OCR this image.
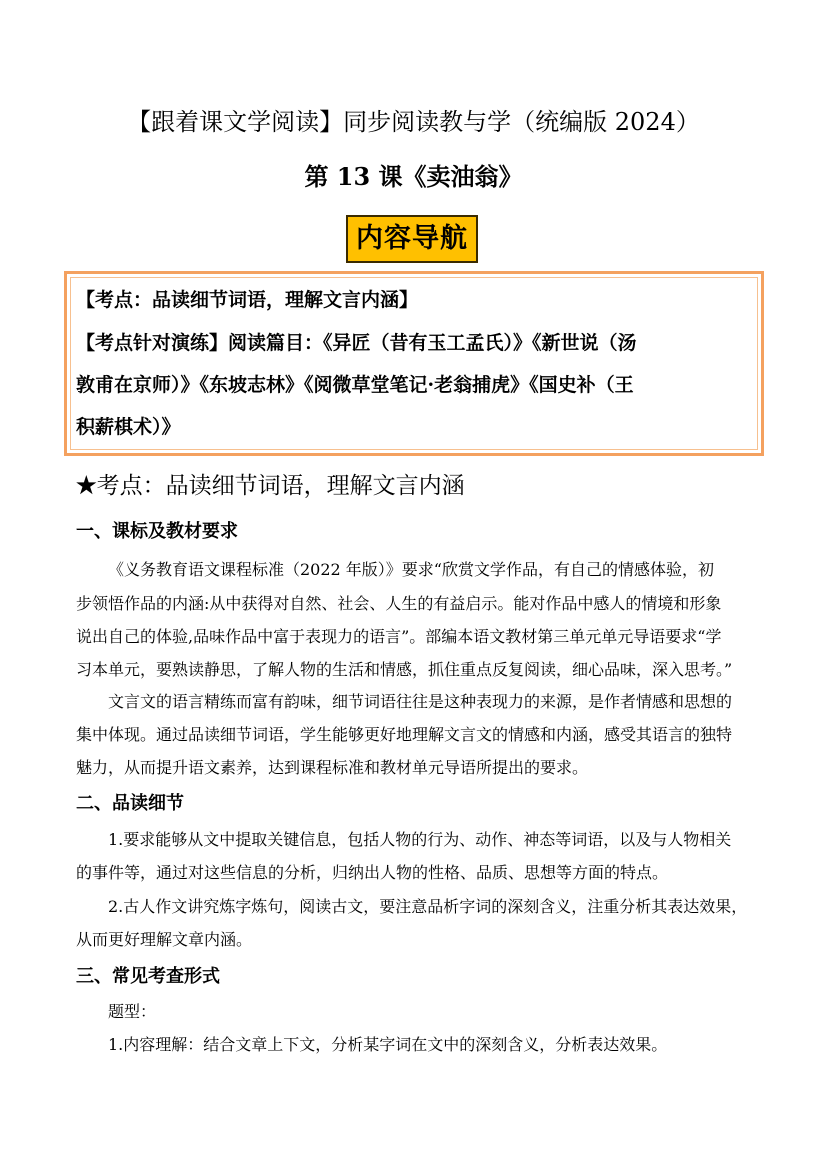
【跟着课文学阅读】同步阅读教与学（统编版 2024）
第 13 课《卖油翁》
内容导航
【考点：品读细节词语，理解文言内涵】
【考点针对演练】阅读篇目：《异匠（昔有玉工孟氏）》《新世说（汤
敦甫在京师）》《东坡志林》《阅微草堂笔记·老翁捕虎》《国史补（王
积薪棋术）》
★考点：品读细节词语，理解文言内涵
一、课标及教材要求
《义务教育语文课程标准（2022 年版）》要求“欣赏文学作品，有自己的情感体验，初
步领悟作品的内涵:从中获得对自然、社会、人生的有益启示。能对作品中感人的情境和形象
说出自己的体验,品味作品中富于表现力的语言”。部编本语文教材第三单元单元导语要求“学
习本单元，要熟读静思，了解人物的生活和情感，抓住重点反复阅读，细心品味，深入思考。”
文言文的语言精练而富有韵味，细节词语往往是这种表现力的来源，是作者情感和思想的
集中体现。通过品读细节词语，学生能够更好地理解文言文的情感和内涵，感受其语言的独特
魅力，从而提升语文素养，达到课程标准和教材单元导语所提出的要求。
二、品读细节
1.要求能够从文中提取关键信息，包括人物的行为、动作、神态等词语，以及与人物相关
的事件等，通过对这些信息的分析，归纳出人物的性格、品质、思想等方面的特点。
2.古人作文讲究炼字炼句，阅读古文，要注意品析字词的深刻含义，注重分析其表达效果，
从而更好理解文章内涵。
三、常见考查形式
题型：
1.内容理解：结合文章上下文，分析某字词在文中的深刻含义，分析表达效果。
